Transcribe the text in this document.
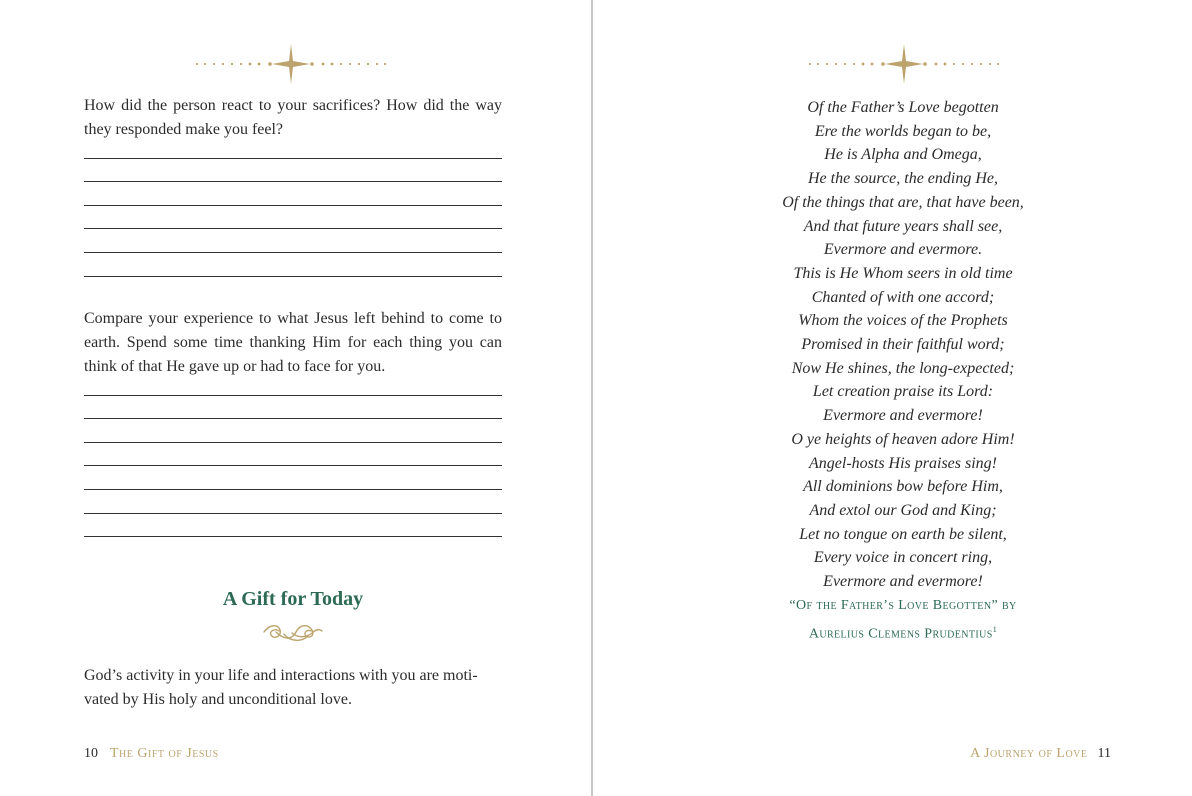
How did the person react to your sacrifices? How did the way they responded make you feel?

Compare your experience to what Jesus left behind to come to earth. Spend some time thanking Him for each thing you can think of that He gave up or had to face for you.

A Gift for Today

God’s activity in your life and interactions with you are moti-vated by His holy and unconditional love.

10 The Gift of Jesus
Of the Father’s Love begotten
Ere the worlds began to be,
He is Alpha and Omega,
He the source, the ending He,
Of the things that are, that have been,
And that future years shall see,
Evermore and evermore.
This is He Whom seers in old time
Chanted of with one accord;
Whom the voices of the Prophets
Promised in their faithful word;
Now He shines, the long-expected;
Let creation praise its Lord:
Evermore and evermore!
O ye heights of heaven adore Him!
Angel-hosts His praises sing!
All dominions bow before Him,
And extol our God and King;
Let no tongue on earth be silent,
Every voice in concert ring,
Evermore and evermore!
“Of the Father’s Love Begotten” by
Aurelius Clemens Prudentius$^1$
A Journey of Love 11
